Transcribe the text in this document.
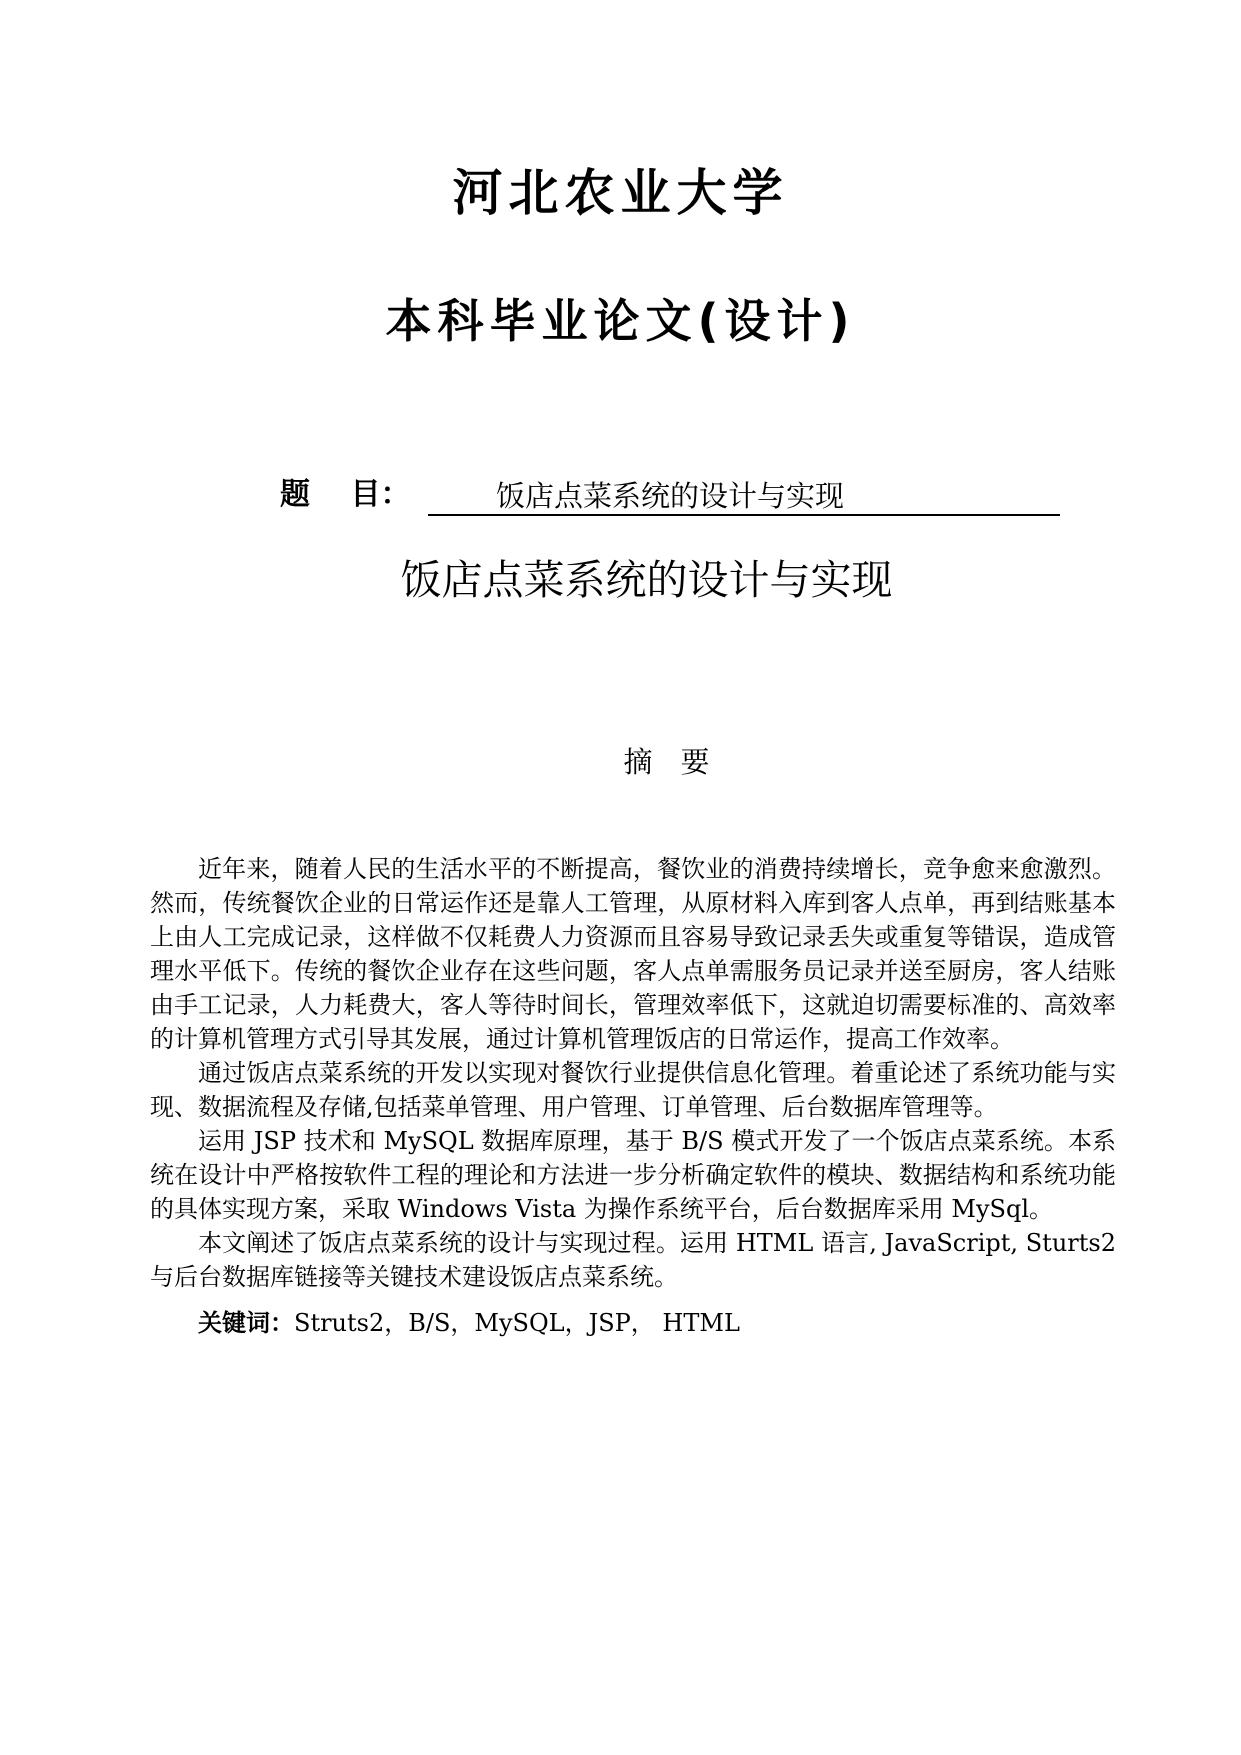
河北农业大学
本科毕业论文(设计)
题 目：	饭店点菜系统的设计与实现
饭店点菜系统的设计与实现
摘要

近年来，随着人民的生活水平的不断提高，餐饮业的消费持续增长，竞争愈来愈激烈。然而，传统餐饮企业的日常运作还是靠人工管理，从原材料入库到客人点单，再到结账基本上由人工完成记录，这样做不仅耗费人力资源而且容易导致记录丢失或重复等错误，造成管理水平低下。传统的餐饮企业存在这些问题，客人点单需服务员记录并送至厨房，客人结账由手工记录，人力耗费大，客人等待时间长，管理效率低下，这就迫切需要标准的、高效率的计算机管理方式引导其发展，通过计算机管理饭店的日常运作，提高工作效率。

通过饭店点菜系统的开发以实现对餐饮行业提供信息化管理。着重论述了系统功能与实现、数据流程及存储,包括菜单管理、用户管理、订单管理、后台数据库管理等。

运用 JSP 技术和 MySQL 数据库原理，基于 B/S 模式开发了一个饭店点菜系统。本系统在设计中严格按软件工程的理论和方法进一步分析确定软件的模块、数据结构和系统功能的具体实现方案，采取 Windows Vista 为操作系统平台，后台数据库采用 MySql。

本文阐述了饭店点菜系统的设计与实现过程。运用 HTML 语言, JavaScript, Sturts2 与后台数据库链接等关键技术建设饭店点菜系统。

关键词：Struts2，B/S，MySQL，JSP， HTML
